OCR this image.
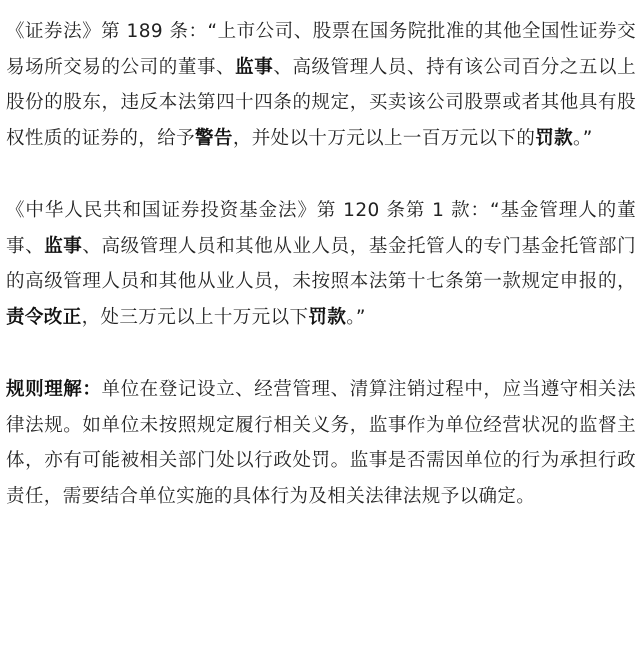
《证券法》第 189 条：“上市公司、股票在国务院批准的其他全国性证券交易场所交易的公司的董事、监事、高级管理人员、持有该公司百分之五以上股份的股东，违反本法第四十四条的规定，买卖该公司股票或者其他具有股权性质的证券的，给予警告，并处以十万元以上一百万元以下的罚款。”

《中华人民共和国证券投资基金法》第 120 条第 1 款：“基金管理人的董事、监事、高级管理人员和其他从业人员，基金托管人的专门基金托管部门的高级管理人员和其他从业人员，未按照本法第十七条第一款规定申报的，责令改正，处三万元以上十万元以下罚款。”

规则理解：单位在登记设立、经营管理、清算注销过程中，应当遵守相关法律法规。如单位未按照规定履行相关义务，监事作为单位经营状况的监督主体，亦有可能被相关部门处以行政处罚。监事是否需因单位的行为承担行政责任，需要结合单位实施的具体行为及相关法律法规予以确定。
